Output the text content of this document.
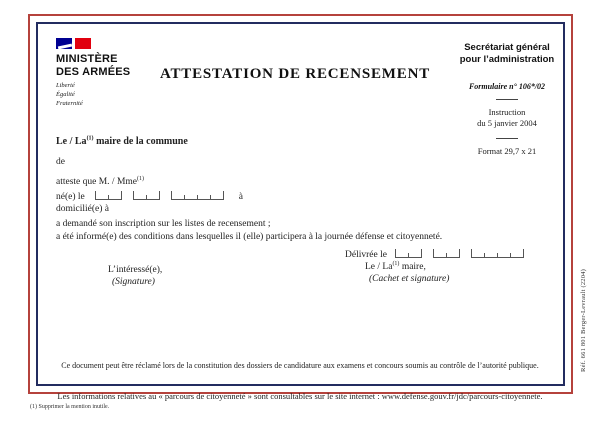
MINISTÈRE
DES ARMÉES
Liberté
Égalité
Fraternité
ATTESTATION DE RECENSEMENT
Secrétariat général
pour l’administration
Formulaire n° 106*/02
Instruction
du 5 janvier 2004
Format 29,7 x 21
Le / La$^{(1)}$ maire de la commune
de
atteste que M. / Mme$^{(1)}$
né(e) le	à
domicilié(e) à
a demandé son inscription sur les listes de recensement ;
a été informé(e) des conditions dans lesquelles il (elle) participera à la journée défense et citoyenneté.
Délivrée le
L’intéressé(e),
(Signature)
Le / La$^{(1)}$ maire,
(Cachet et signature)
Ce document peut être réclamé lors de la constitution des dossiers de candidature aux examens et concours soumis au contrôle de l’autorité publique.
Les informations relatives au « parcours de citoyenneté » sont consultables sur le site internet : www.defense.gouv.fr/jdc/parcours-citoyennete.
(1) Supprimer la mention inutile.
Réf. 661 801 Berger-Levrault (2204)
